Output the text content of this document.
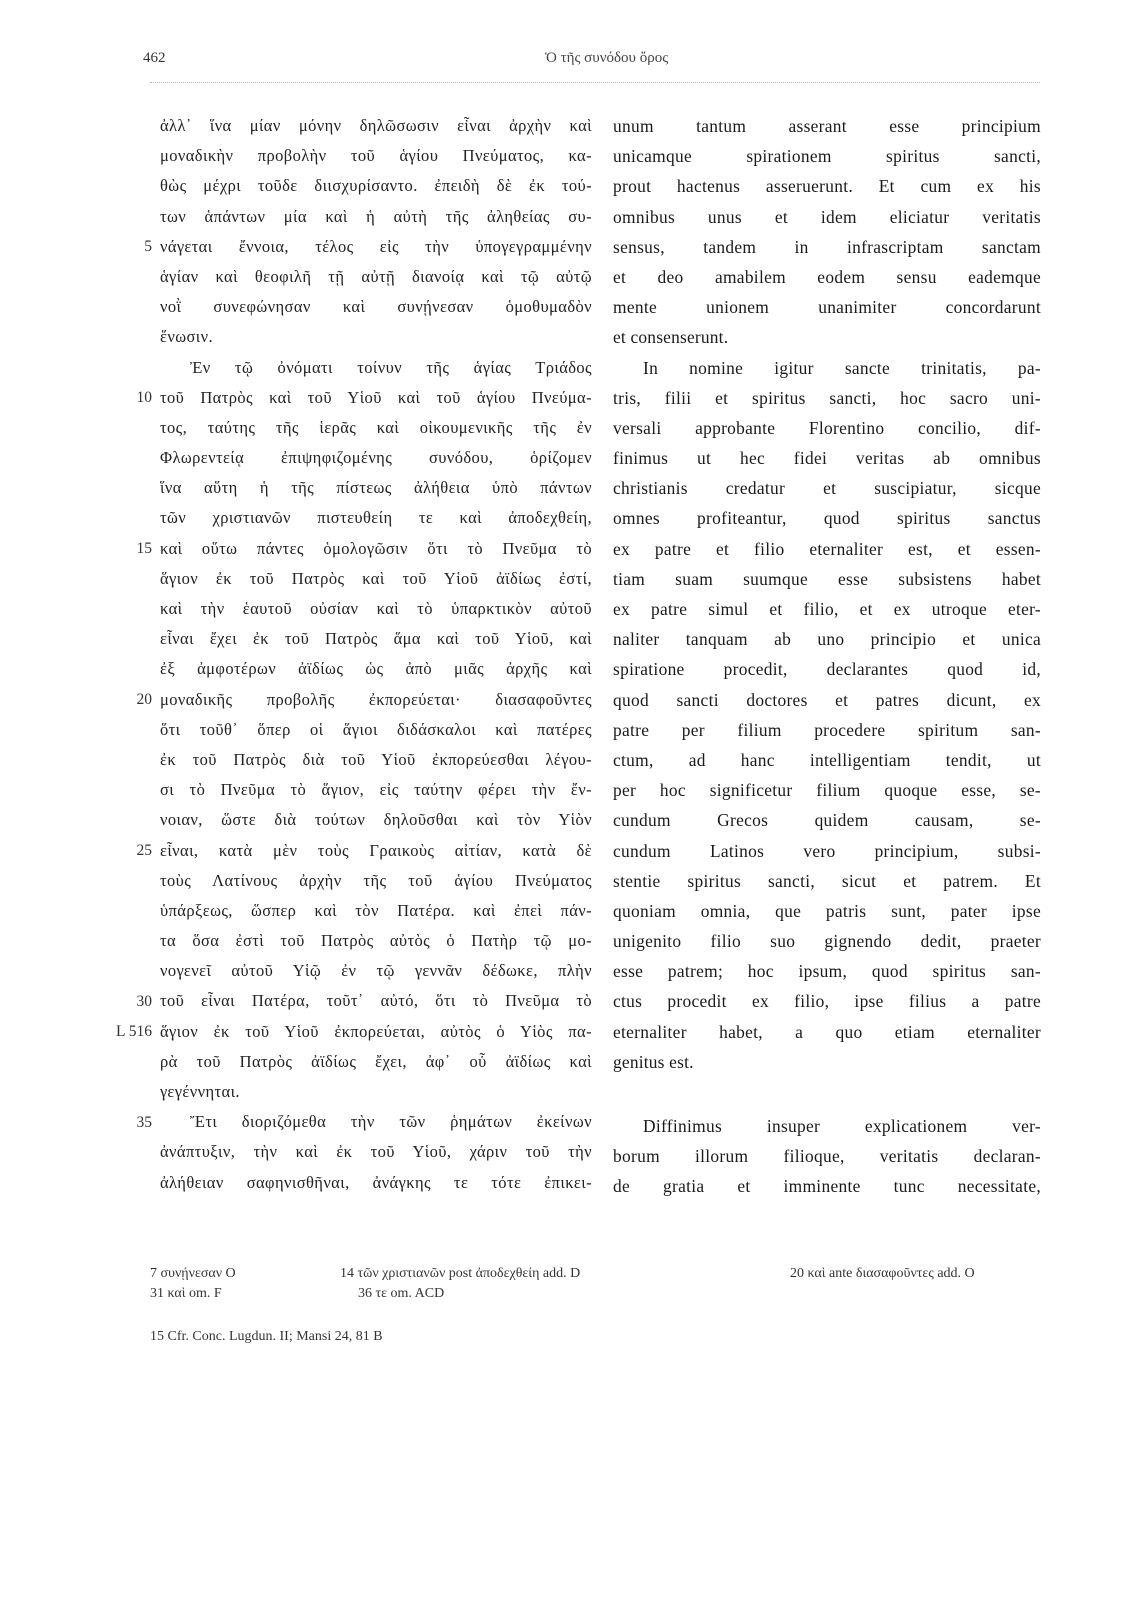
462	Ὁ τῆς συνόδου ὅρος
5
10
15
20
25
30
L 516
35
ἀλλ᾽ ἵνα μίαν μόνην δηλῶσωσιν εἶναι ἀρχὴν καὶ
μοναδικὴν προβολὴν τοῦ ἁγίου Πνεύματος, κα-
θὼς μέχρι τοῦδε διισχυρίσαντο. ἐπειδὴ δὲ ἐκ τού-
των ἁπάντων μία καὶ ἡ αὐτὴ τῆς ἀληθείας συ-
νάγεται ἔννοια, τέλος εἰς τὴν ὑπογεγραμμένην
ἁγίαν καὶ θεοφιλῆ τῇ αὐτῇ διανοίᾳ καὶ τῷ αὐτῷ
νοῒ συνεφώνησαν καὶ συνῄνεσαν ὁμοθυμαδὸν
ἕνωσιν.
Ἐν τῷ ὀνόματι τοίνυν τῆς ἁγίας Τριάδος
τοῦ Πατρὸς καὶ τοῦ Υἱοῦ καὶ τοῦ ἁγίου Πνεύμα-
τος, ταύτης τῆς ἱερᾶς καὶ οἰκουμενικῆς τῆς ἐν
Φλωρεντείᾳ ἐπιψηφιζομένης συνόδου, ὁρίζομεν
ἵνα αὕτη ἡ τῆς πίστεως ἀλήθεια ὑπὸ πάντων
τῶν χριστιανῶν πιστευθείη τε καὶ ἀποδεχθείη,
καὶ οὕτω πάντες ὁμολογῶσιν ὅτι τὸ Πνεῦμα τὸ
ἅγιον ἐκ τοῦ Πατρὸς καὶ τοῦ Υἱοῦ ἀϊδίως ἐστί,
καὶ τὴν ἑαυτοῦ οὐσίαν καὶ τὸ ὑπαρκτικὸν αὐτοῦ
εἶναι ἔχει ἐκ τοῦ Πατρὸς ἅμα καὶ τοῦ Υἱοῦ, καὶ
ἐξ ἀμφοτέρων ἀϊδίως ὡς ἀπὸ μιᾶς ἀρχῆς καὶ
μοναδικῆς προβολῆς ἐκπορεύεται· διασαφοῦντες
ὅτι τοῦθ᾽ ὅπερ οἱ ἅγιοι διδάσκαλοι καὶ πατέρες
ἐκ τοῦ Πατρὸς διὰ τοῦ Υἱοῦ ἐκπορεύεσθαι λέγου-
σι τὸ Πνεῦμα τὸ ἅγιον, εἰς ταύτην φέρει τὴν ἔν-
νοιαν, ὥστε διὰ τούτων δηλοῦσθαι καὶ τὸν Υἱὸν
εἶναι, κατὰ μὲν τοὺς Γραικοὺς αἰτίαν, κατὰ δὲ
τοὺς Λατίνους ἀρχὴν τῆς τοῦ ἁγίου Πνεύματος
ὑπάρξεως, ὥσπερ καὶ τὸν Πατέρα. καὶ ἐπεὶ πάν-
τα ὅσα ἐστὶ τοῦ Πατρὸς αὐτὸς ὁ Πατὴρ τῷ μο-
νογενεῖ αὐτοῦ Υἱῷ ἐν τῷ γεννᾶν δέδωκε, πλὴν
τοῦ εἶναι Πατέρα, τοῦτ᾽ αὐτό, ὅτι τὸ Πνεῦμα τὸ
ἅγιον ἐκ τοῦ Υἱοῦ ἐκπορεύεται, αὐτὸς ὁ Υἱὸς πα-
ρὰ τοῦ Πατρὸς ἀϊδίως ἔχει, ἀφ᾽ οὗ ἀϊδίως καὶ
γεγέννηται.
Ἔτι διοριζόμεθα τὴν τῶν ῥημάτων ἐκείνων
ἀνάπτυξιν, τὴν καὶ ἐκ τοῦ Υἱοῦ, χάριν τοῦ τὴν
ἀλήθειαν σαφηνισθῆναι, ἀνάγκης τε τότε ἐπικει-
unum tantum asserant esse principium
unicamque spirationem spiritus sancti,
prout hactenus asseruerunt. Et cum ex his
omnibus unus et idem eliciatur veritatis
sensus, tandem in infrascriptam sanctam
et deo amabilem eodem sensu eademque
mente unionem unanimiter concordarunt
et consenserunt.
In nomine igitur sancte trinitatis, pa-
tris, filii et spiritus sancti, hoc sacro uni-
versali approbante Florentino concilio, dif-
finimus ut hec fidei veritas ab omnibus
christianis credatur et suscipiatur, sicque
omnes profiteantur, quod spiritus sanctus
ex patre et filio eternaliter est, et essen-
tiam suam suumque esse subsistens habet
ex patre simul et filio, et ex utroque eter-
naliter tanquam ab uno principio et unica
spiratione procedit, declarantes quod id,
quod sancti doctores et patres dicunt, ex
patre per filium procedere spiritum san-
ctum, ad hanc intelligentiam tendit, ut
per hoc significetur filium quoque esse, se-
cundum Grecos quidem causam, se-
cundum Latinos vero principium, subsi-
stentie spiritus sancti, sicut et patrem. Et
quoniam omnia, que patris sunt, pater ipse
unigenito filio suo gignendo dedit, praeter
esse patrem; hoc ipsum, quod spiritus san-
ctus procedit ex filio, ipse filius a patre
eternaliter habet, a quo etiam eternaliter
genitus est.
Diffinimus insuper explicationem ver-
borum illorum filioque, veritatis declaran-
de gratia et imminente tunc necessitate,
7 συνῄνεσαν O	14 τῶν χριστιανῶν post ἀποδεχθείη add. D	20 καὶ ante διασαφοῦντες add. O
31 καὶ om. F	36 τε om. ACD
15 Cfr. Conc. Lugdun. II; Mansi 24, 81 B
